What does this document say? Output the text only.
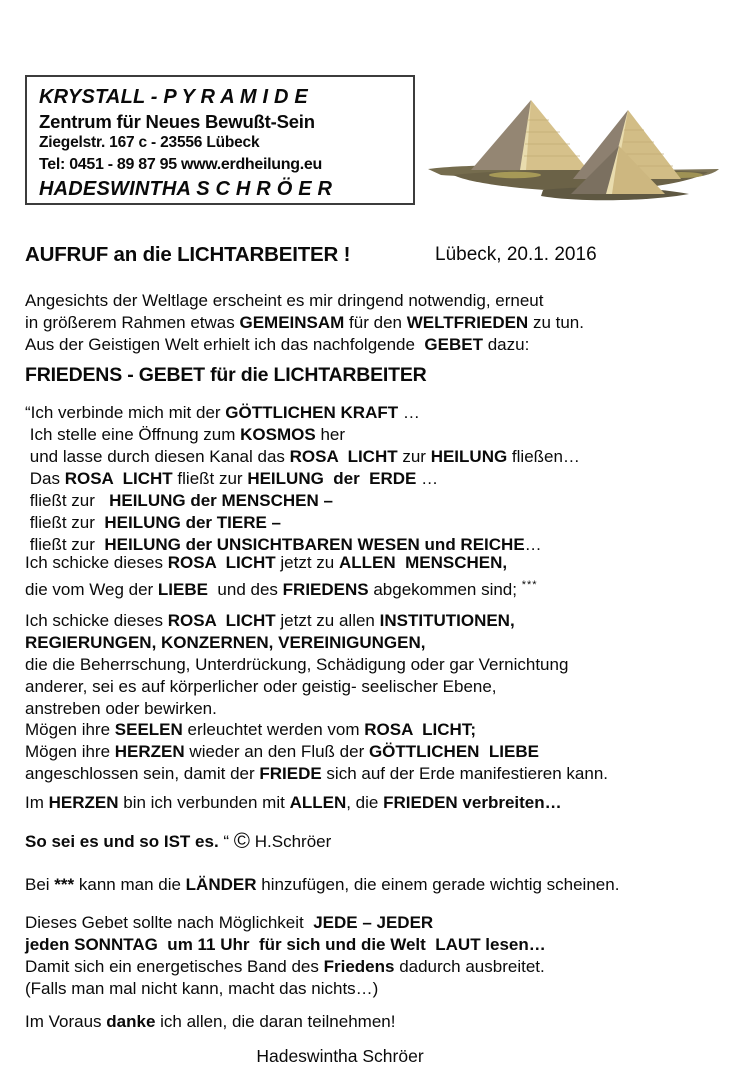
KRYSTALL - P Y R A M I D E
Zentrum für Neues Bewußt-Sein
Ziegelstr. 167 c - 23556 Lübeck
Tel: 0451 - 89 87 95 www.erdheilung.eu
HADESWINTHA S C H R Ö E R
AUFRUF an die LICHTARBEITER !	Lübeck, 20.1. 2016
Angesichts der Weltlage erscheint es mir dringend notwendig, erneut
in größerem Rahmen etwas GEMEINSAM für den WELTFRIEDEN zu tun.
Aus der Geistigen Welt erhielt ich das nachfolgende  GEBET dazu:
FRIEDENS - GEBET für die LICHTARBEITER
“Ich verbinde mich mit der GÖTTLICHEN KRAFT …
Ich stelle eine Öffnung zum KOSMOS her
und lasse durch diesen Kanal das ROSA  LICHT zur HEILUNG fließen…
Das ROSA  LICHT fließt zur HEILUNG  der  ERDE …
fließt zur   HEILUNG der MENSCHEN –
fließt zur  HEILUNG der TIERE –
fließt zur  HEILUNG der UNSICHTBAREN WESEN und REICHE…
Ich schicke dieses ROSA  LICHT jetzt zu ALLEN  MENSCHEN,
die vom Weg der LIEBE  und des FRIEDENS abgekommen sind; ***
Ich schicke dieses ROSA  LICHT jetzt zu allen INSTITUTIONEN,
REGIERUNGEN, KONZERNEN, VEREINIGUNGEN,
die die Beherrschung, Unterdrückung, Schädigung oder gar Vernichtung
anderer, sei es auf körperlicher oder geistig- seelischer Ebene,
anstreben oder bewirken.
Mögen ihre SEELEN erleuchtet werden vom ROSA  LICHT;
Mögen ihre HERZEN wieder an den Fluß der GÖTTLICHEN  LIEBE
angeschlossen sein, damit der FRIEDE sich auf der Erde manifestieren kann.
Im HERZEN bin ich verbunden mit ALLEN, die FRIEDEN verbreiten…
So sei es und so IST es. “ © H.Schröer
Bei *** kann man die LÄNDER hinzufügen, die einem gerade wichtig scheinen.
Dieses Gebet sollte nach Möglichkeit  JEDE – JEDER
jeden SONNTAG  um 11 Uhr  für sich und die Welt  LAUT lesen…
Damit sich ein energetisches Band des Friedens dadurch ausbreitet.
(Falls man mal nicht kann, macht das nichts…)
Im Voraus danke ich allen, die daran teilnehmen!
Hadeswintha Schröer
